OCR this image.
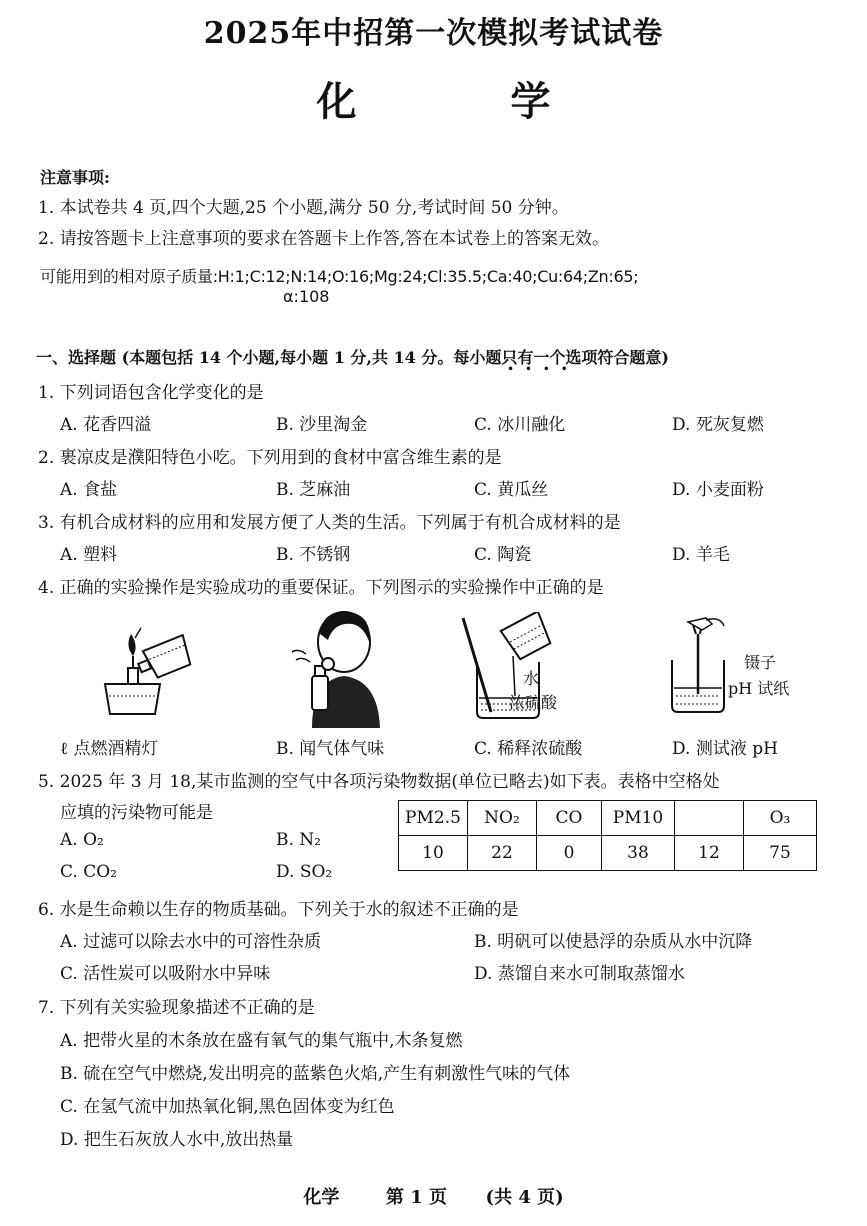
2025年中招第一次模拟考试试卷
化 学
注意事项:
1. 本试卷共 4 页,四个大题,25 个小题,满分 50 分,考试时间 50 分钟。
2. 请按答题卡上注意事项的要求在答题卡上作答,答在本试卷上的答案无效。
可能用到的相对原子质量:H:1;C:12;N:14;O:16;Mg:24;Cl:35.5;Ca:40;Cu:64;Zn:65;
α:108
一、选择题 (本题包括 14 个小题,每小题 1 分,共 14 分。每小题只有一个 • • • •选项符合题意)
1. 下列词语包含化学变化的是
A. 花香四溢	B. 沙里淘金	C. 冰川融化	D. 死灰复燃
2. 裹凉皮是濮阳特色小吃。下列用到的食材中富含维生素的是
A. 食盐	B. 芝麻油	C. 黄瓜丝	D. 小麦面粉
3. 有机合成材料的应用和发展方便了人类的生活。下列属于有机合成材料的是
A. 塑料	B. 不锈钢	C. 陶瓷	D. 羊毛
4. 正确的实验操作是实验成功的重要保证。下列图示的实验操作中正确的是
水
浓硫酸
镊子
pH 试纸
ℓ 点燃酒精灯	B. 闻气体气味	C. 稀释浓硫酸	D. 测试液 pH
5. 2025 年 3 月 18,某市监测的空气中各项污染物数据(单位已略去)如下表。表格中空格处
应填的污染物可能是
A. O₂	B. N₂
C. CO₂	D. SO₂
PM2.5	NO₂	CO	PM10		O₃
10	22	0	38	12	75
6. 水是生命赖以生存的物质基础。下列关于水的叙述不正确的是
A. 过滤可以除去水中的可溶性杂质	B. 明矾可以使悬浮的杂质从水中沉降
C. 活性炭可以吸附水中异味	D. 蒸馏自来水可制取蒸馏水
7. 下列有关实验现象描述不正确的是
A. 把带火星的木条放在盛有氧气的集气瓶中,木条复燃
B. 硫在空气中燃烧,发出明亮的蓝紫色火焰,产生有刺激性气味的气体
C. 在氢气流中加热氧化铜,黑色固体变为红色
D. 把生石灰放人水中,放出热量
化学	第 1 页 (共 4 页)
